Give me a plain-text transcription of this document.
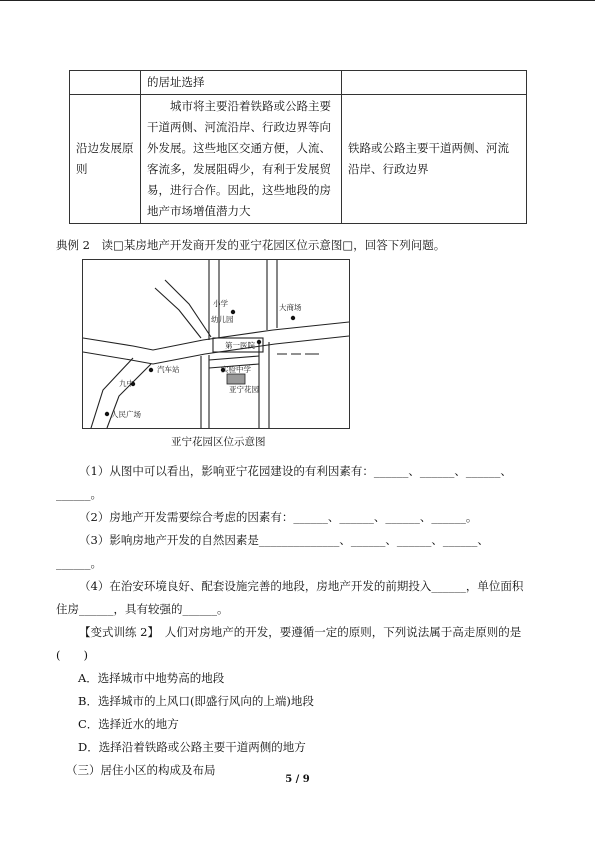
	的居址选择	
沿边发展原则	城市将主要沿着铁路或公路主要干道两侧、河流沿岸、行政边界等向外发展。这些地区交通方便，人流、客流多，发展阻碍少，有利于发展贸易，进行合作。因此，这些地段的房地产市场增值潜力大	铁路或公路主要干道两侧、河流沿岸、行政边界
典例 2　读□某房地产开发商开发的亚宁花园区位示意图□，回答下列问题。
小学
幼儿园
大商场
第一医院
汽车站	实验中学
亚宁花园
九中
人民广场
亚宁花园区位示意图
（1）从图中可以看出，影响亚宁花园建设的有利因素有：______、______、______、
______。
（2）房地产开发需要综合考虑的因素有：______、______、______、______。
（3）影响房地产开发的自然因素是______________、______、______、______、
______。
（4）在治安环境良好、配套设施完善的地段，房地产开发的前期投入______，单位面积
住房______，具有较强的______。
【变式训练 2】　人们对房地产的开发，要遵循一定的原则，下列说法属于高走原则的是
(　　)
A．选择城市中地势高的地段
B．选择城市的上风口(即盛行风向的上端)地段
C．选择近水的地方
D．选择沿着铁路或公路主要干道两侧的地方
（三）居住小区的构成及布局
5 / 9
